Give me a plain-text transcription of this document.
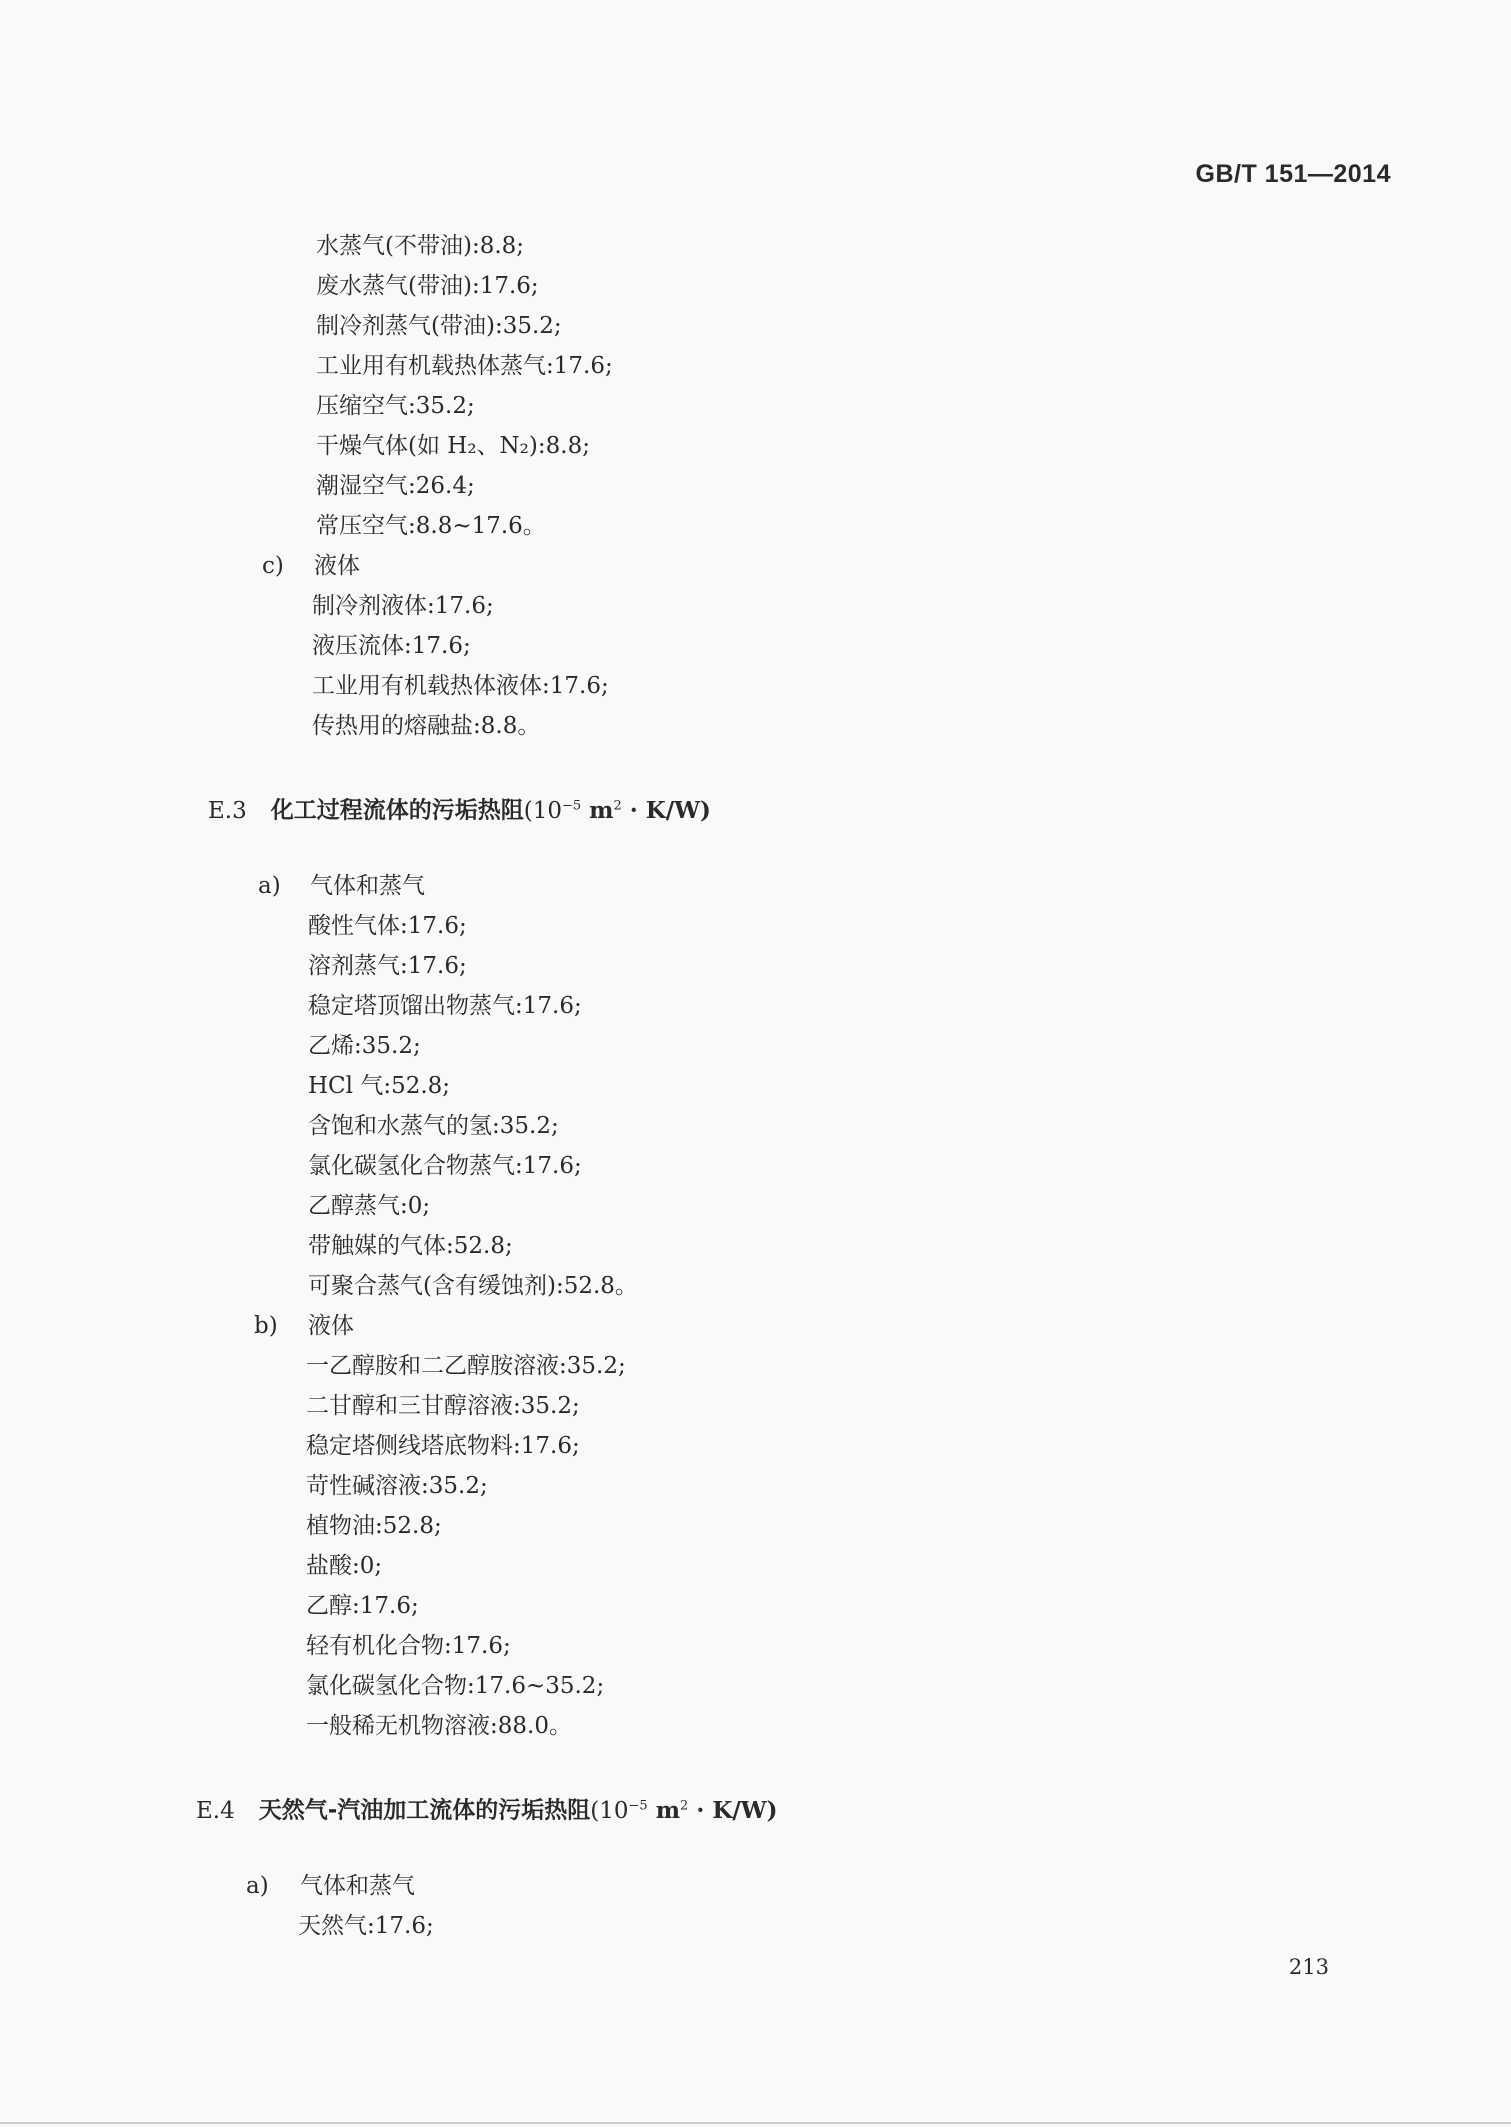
GB/T 151—2014
水蒸气(不带油):8.8;
废水蒸气(带油):17.6;
制冷剂蒸气(带油):35.2;
工业用有机载热体蒸气:17.6;
压缩空气:35.2;
干燥气体(如 H₂、N₂):8.8;
潮湿空气:26.4;
常压空气:8.8~17.6。
c) 液体
制冷剂液体:17.6;
液压流体:17.6;
工业用有机载热体液体:17.6;
传热用的熔融盐:8.8。
E.3 化工过程流体的污垢热阻($10^{-5}$ $m^2 \cdot K/W$)
a) 气体和蒸气
酸性气体:17.6;
溶剂蒸气:17.6;
稳定塔顶馏出物蒸气:17.6;
乙烯:35.2;
HCl 气:52.8;
含饱和水蒸气的氢:35.2;
氯化碳氢化合物蒸气:17.6;
乙醇蒸气:0;
带触媒的气体:52.8;
可聚合蒸气(含有缓蚀剂):52.8。
b) 液体
一乙醇胺和二乙醇胺溶液:35.2;
二甘醇和三甘醇溶液:35.2;
稳定塔侧线塔底物料:17.6;
苛性碱溶液:35.2;
植物油:52.8;
盐酸:0;
乙醇:17.6;
轻有机化合物:17.6;
氯化碳氢化合物:17.6~35.2;
一般稀无机物溶液:88.0。
E.4 天然气-汽油加工流体的污垢热阻($10^{-5}$ $m^2 \cdot K/W$)
a) 气体和蒸气
天然气:17.6;
213
